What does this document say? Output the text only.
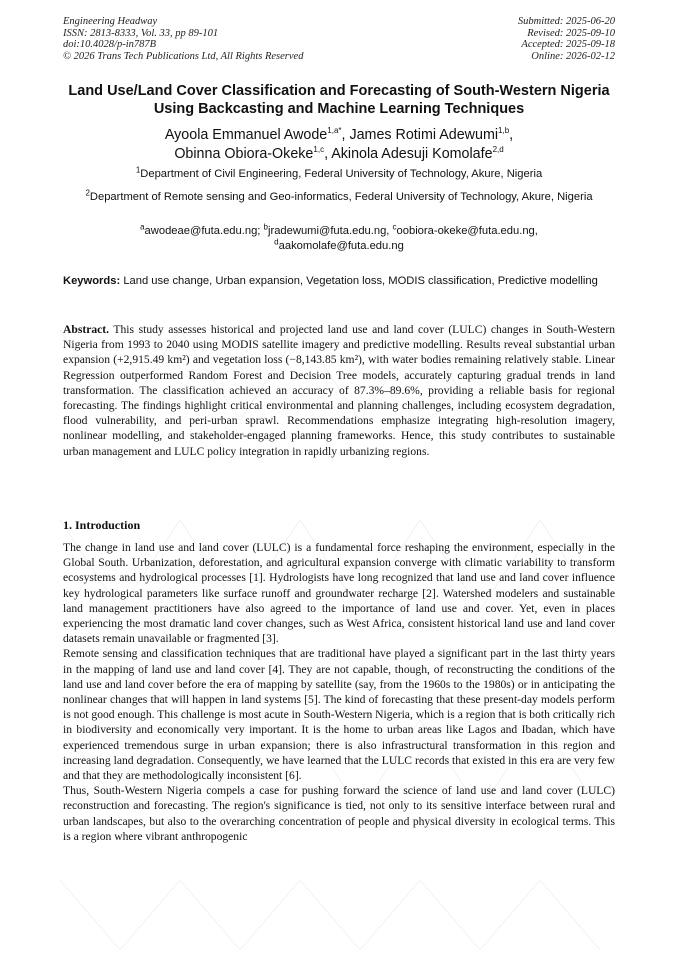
Engineering Headway
ISSN: 2813-8333, Vol. 33, pp 89-101
doi:10.4028/p-in787B
© 2026 Trans Tech Publications Ltd, All Rights Reserved
Submitted: 2025-06-20
Revised: 2025-09-10
Accepted: 2025-09-18
Online: 2026-02-12
Land Use/Land Cover Classification and Forecasting of South-Western Nigeria Using Backcasting and Machine Learning Techniques
Ayoola Emmanuel Awode$^{1,a*}$, James Rotimi Adewumi$^{1,b}$,
Obinna Obiora-Okeke$^{1,c}$, Akinola Adesuji Komolafe$^{2,d}$
$^1$Department of Civil Engineering, Federal University of Technology, Akure, Nigeria
$^2$Department of Remote sensing and Geo-informatics, Federal University of Technology, Akure, Nigeria
$^a$awodeae@futa.edu.ng; $^b$jradewumi@futa.edu.ng, $^c$oobiora-okeke@futa.edu.ng,
$^d$aakomolafe@futa.edu.ng
Keywords: Land use change, Urban expansion, Vegetation loss, MODIS classification, Predictive modelling
Abstract. This study assesses historical and projected land use and land cover (LULC) changes in South-Western Nigeria from 1993 to 2040 using MODIS satellite imagery and predictive modelling. Results reveal substantial urban expansion (+2,915.49 km²) and vegetation loss (−8,143.85 km²), with water bodies remaining relatively stable. Linear Regression outperformed Random Forest and Decision Tree models, accurately capturing gradual trends in land transformation. The classification achieved an accuracy of 87.3%–89.6%, providing a reliable basis for regional forecasting. The findings highlight critical environmental and planning challenges, including ecosystem degradation, flood vulnerability, and peri-urban sprawl. Recommendations emphasize integrating high-resolution imagery, nonlinear modelling, and stakeholder-engaged planning frameworks. Hence, this study contributes to sustainable urban management and LULC policy integration in rapidly urbanizing regions.
1. Introduction

The change in land use and land cover (LULC) is a fundamental force reshaping the environment, especially in the Global South. Urbanization, deforestation, and agricultural expansion converge with climatic variability to transform ecosystems and hydrological processes [1]. Hydrologists have long recognized that land use and land cover influence key hydrological parameters like surface runoff and groundwater recharge [2]. Watershed modelers and sustainable land management practitioners have also agreed to the importance of land use and cover. Yet, even in places experiencing the most dramatic land cover changes, such as West Africa, consistent historical land use and land cover datasets remain unavailable or fragmented [3].

Remote sensing and classification techniques that are traditional have played a significant part in the last thirty years in the mapping of land use and land cover [4]. They are not capable, though, of reconstructing the conditions of the land use and land cover before the era of mapping by satellite (say, from the 1960s to the 1980s) or in anticipating the nonlinear changes that will happen in land systems [5]. The kind of forecasting that these present-day models perform is not good enough. This challenge is most acute in South-Western Nigeria, which is a region that is both critically rich in biodiversity and economically very important. It is the home to urban areas like Lagos and Ibadan, which have experienced tremendous surge in urban expansion; there is also infrastructural transformation in this region and increasing land degradation. Consequently, we have learned that the LULC records that existed in this era are very few and that they are methodologically inconsistent [6].

Thus, South-Western Nigeria compels a case for pushing forward the science of land use and land cover (LULC) reconstruction and forecasting. The region's significance is tied, not only to its sensitive interface between rural and urban landscapes, but also to the overarching concentration of people and physical diversity in ecological terms. This is a region where vibrant anthropogenic
